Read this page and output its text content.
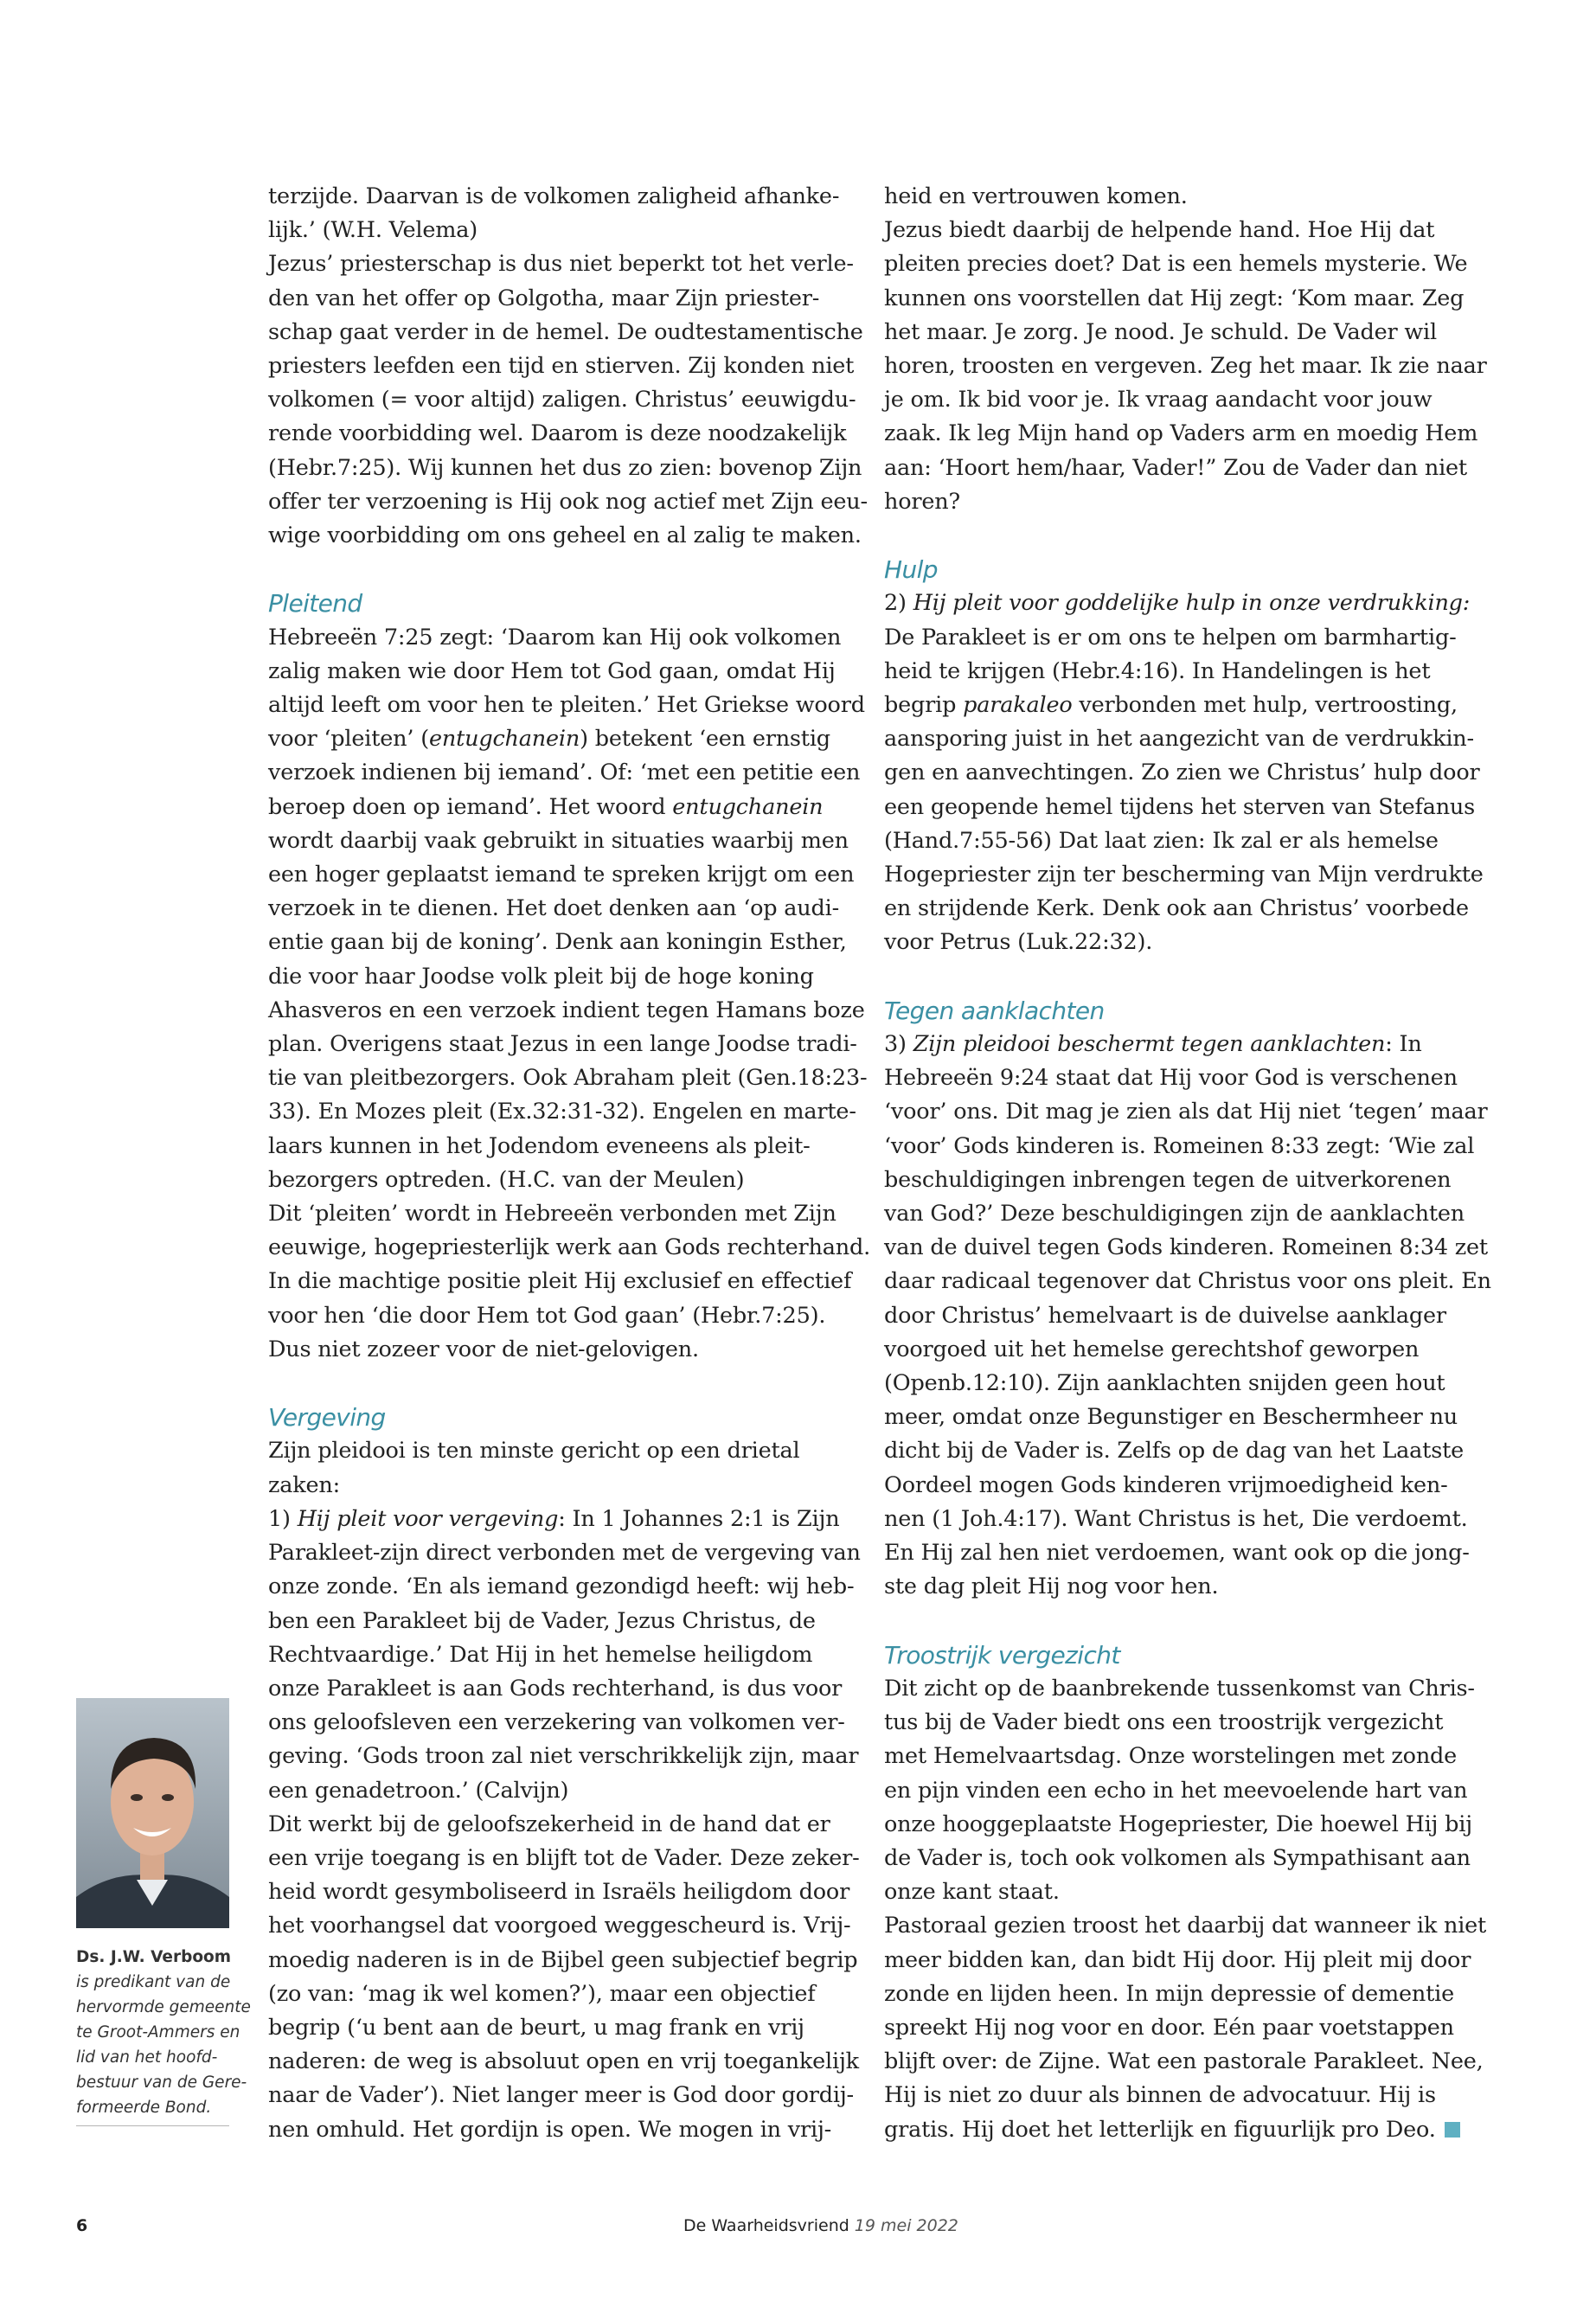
terzijde. Daarvan is de volkomen zaligheid afhanke-
lijk.’ (W.H. Velema)
Jezus’ priesterschap is dus niet beperkt tot het verle-
den van het offer op Golgotha, maar Zijn priester-
schap gaat verder in de hemel. De oudtestamentische
priesters leefden een tijd en stierven. Zij konden niet
volkomen (= voor altijd) zaligen. Christus’ eeuwigdu-
rende voorbidding wel. Daarom is deze noodzakelijk
(Hebr.7:25). Wij kunnen het dus zo zien: bovenop Zijn
offer ter verzoening is Hij ook nog actief met Zijn eeu-
wige voorbidding om ons geheel en al zalig te maken.

Pleitend

Hebreeën 7:25 zegt: ‘Daarom kan Hij ook volkomen
zalig maken wie door Hem tot God gaan, omdat Hij
altijd leeft om voor hen te pleiten.’ Het Griekse woord
voor ‘pleiten’ (entugchanein) betekent ‘een ernstig
verzoek indienen bij iemand’. Of: ‘met een petitie een
beroep doen op iemand’. Het woord entugchanein
wordt daarbij vaak gebruikt in situaties waarbij men
een hoger geplaatst iemand te spreken krijgt om een
verzoek in te dienen. Het doet denken aan ‘op audi-
entie gaan bij de koning’. Denk aan koningin Esther,
die voor haar Joodse volk pleit bij de hoge koning
Ahasveros en een verzoek indient tegen Hamans boze
plan. Overigens staat Jezus in een lange Joodse tradi-
tie van pleitbezorgers. Ook Abraham pleit (Gen.18:23-
33). En Mozes pleit (Ex.32:31-32). Engelen en marte-
laars kunnen in het Jodendom eveneens als pleit-
bezorgers optreden. (H.C. van der Meulen)
Dit ‘pleiten’ wordt in Hebreeën verbonden met Zijn
eeuwige, hogepriesterlijk werk aan Gods rechterhand.
In die machtige positie pleit Hij exclusief en effectief
voor hen ‘die door Hem tot God gaan’ (Hebr.7:25).
Dus niet zozeer voor de niet-gelovigen.

Vergeving

Zijn pleidooi is ten minste gericht op een drietal
zaken:
1) Hij pleit voor vergeving: In 1 Johannes 2:1 is Zijn
Parakleet-zijn direct verbonden met de vergeving van
onze zonde. ‘En als iemand gezondigd heeft: wij heb-
ben een Parakleet bij de Vader, Jezus Christus, de
Rechtvaardige.’ Dat Hij in het hemelse heiligdom
onze Parakleet is aan Gods rechterhand, is dus voor
ons geloofsleven een verzekering van volkomen ver-
geving. ‘Gods troon zal niet verschrikkelijk zijn, maar
een genadetroon.’ (Calvijn)
Dit werkt bij de geloofszekerheid in de hand dat er
een vrije toegang is en blijft tot de Vader. Deze zeker-
heid wordt gesymboliseerd in Israëls heiligdom door
het voorhangsel dat voorgoed weggescheurd is. Vrij-
moedig naderen is in de Bijbel geen subjectief begrip
(zo van: ‘mag ik wel komen?’), maar een objectief
begrip (‘u bent aan de beurt, u mag frank en vrij
naderen: de weg is absoluut open en vrij toegankelijk
naar de Vader’). Niet langer meer is God door gordij-
nen omhuld. Het gordijn is open. We mogen in vrij-

heid en vertrouwen komen.
Jezus biedt daarbij de helpende hand. Hoe Hij dat
pleiten precies doet? Dat is een hemels mysterie. We
kunnen ons voorstellen dat Hij zegt: ‘Kom maar. Zeg
het maar. Je zorg. Je nood. Je schuld. De Vader wil
horen, troosten en vergeven. Zeg het maar. Ik zie naar
je om. Ik bid voor je. Ik vraag aandacht voor jouw
zaak. Ik leg Mijn hand op Vaders arm en moedig Hem
aan: ‘Hoort hem/haar, Vader!” Zou de Vader dan niet
horen?

Hulp

2) Hij pleit voor goddelijke hulp in onze verdrukking:
De Parakleet is er om ons te helpen om barmhartig-
heid te krijgen (Hebr.4:16). In Handelingen is het
begrip parakaleo verbonden met hulp, vertroosting,
aansporing juist in het aangezicht van de verdrukkin-
gen en aanvechtingen. Zo zien we Christus’ hulp door
een geopende hemel tijdens het sterven van Stefanus
(Hand.7:55-56) Dat laat zien: Ik zal er als hemelse
Hogepriester zijn ter bescherming van Mijn verdrukte
en strijdende Kerk. Denk ook aan Christus’ voorbede
voor Petrus (Luk.22:32).

Tegen aanklachten

3) Zijn pleidooi beschermt tegen aanklachten: In
Hebreeën 9:24 staat dat Hij voor God is verschenen
‘voor’ ons. Dit mag je zien als dat Hij niet ‘tegen’ maar
‘voor’ Gods kinderen is. Romeinen 8:33 zegt: ‘Wie zal
beschuldigingen inbrengen tegen de uitverkorenen
van God?’ Deze beschuldigingen zijn de aanklachten
van de duivel tegen Gods kinderen. Romeinen 8:34 zet
daar radicaal tegenover dat Christus voor ons pleit. En
door Christus’ hemelvaart is de duivelse aanklager
voorgoed uit het hemelse gerechtshof geworpen
(Openb.12:10). Zijn aanklachten snijden geen hout
meer, omdat onze Begunstiger en Beschermheer nu
dicht bij de Vader is. Zelfs op de dag van het Laatste
Oordeel mogen Gods kinderen vrijmoedigheid ken-
nen (1 Joh.4:17). Want Christus is het, Die verdoemt.
En Hij zal hen niet verdoemen, want ook op die jong-
ste dag pleit Hij nog voor hen.

Troostrijk vergezicht

Dit zicht op de baanbrekende tussenkomst van Chris-
tus bij de Vader biedt ons een troostrijk vergezicht
met Hemelvaartsdag. Onze worstelingen met zonde
en pijn vinden een echo in het meevoelende hart van
onze hooggeplaatste Hogepriester, Die hoewel Hij bij
de Vader is, toch ook volkomen als Sympathisant aan
onze kant staat.
Pastoraal gezien troost het daarbij dat wanneer ik niet
meer bidden kan, dan bidt Hij door. Hij pleit mij door
zonde en lijden heen. In mijn depressie of dementie
spreekt Hij nog voor en door. Eén paar voetstappen
blijft over: de Zijne. Wat een pastorale Parakleet. Nee,
Hij is niet zo duur als binnen de advocatuur. Hij is
gratis. Hij doet het letterlijk en figuurlijk pro Deo.

Ds. J.W. Verboom
is predikant van de
hervormde gemeente
te Groot-Ammers en
lid van het hoofd-
bestuur van de Gere-
formeerde Bond.
6	De Waarheidsvriend 19 mei 2022
